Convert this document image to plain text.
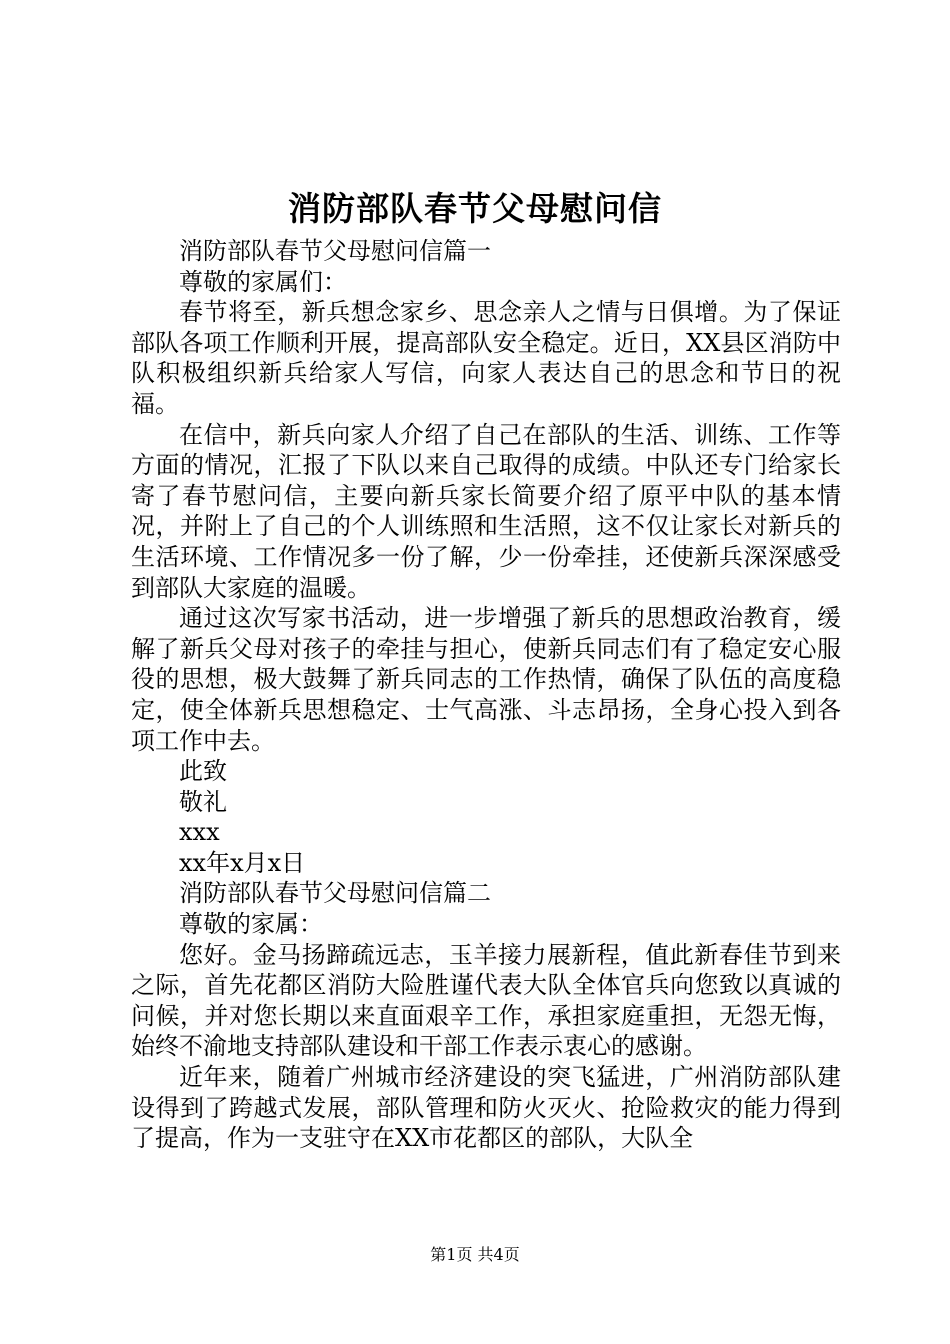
消防部队春节父母慰问信

消防部队春节父母慰问信篇一

尊敬的家属们：

春节将至，新兵想念家乡、思念亲人之情与日俱增。为了保证部队各项工作顺利开展，提高部队安全稳定。近日，XX县区消防中队积极组织新兵给家人写信，向家人表达自己的思念和节日的祝福。

在信中，新兵向家人介绍了自己在部队的生活、训练、工作等方面的情况，汇报了下队以来自己取得的成绩。中队还专门给家长寄了春节慰问信，主要向新兵家长简要介绍了原平中队的基本情况，并附上了自己的个人训练照和生活照，这不仅让家长对新兵的生活环境、工作情况多一份了解，少一份牵挂，还使新兵深深感受到部队大家庭的温暖。

通过这次写家书活动，进一步增强了新兵的思想政治教育，缓解了新兵父母对孩子的牵挂与担心，使新兵同志们有了稳定安心服役的思想，极大鼓舞了新兵同志的工作热情，确保了队伍的高度稳定，使全体新兵思想稳定、士气高涨、斗志昂扬，全身心投入到各项工作中去。

此致

敬礼

xxx

xx年x月x日

消防部队春节父母慰问信篇二

尊敬的家属：

您好。金马扬蹄疏远志，玉羊接力展新程，值此新春佳节到来之际，首先花都区消防大险胜谨代表大队全体官兵向您致以真诚的问候，并对您长期以来直面艰辛工作，承担家庭重担，无怨无悔，始终不渝地支持部队建设和干部工作表示衷心的感谢。

近年来，随着广州城市经济建设的突飞猛进，广州消防部队建设得到了跨越式发展，部队管理和防火灭火、抢险救灾的能力得到了提高，作为一支驻守在XX市花都区的部队，大队全

第1页 共4页
